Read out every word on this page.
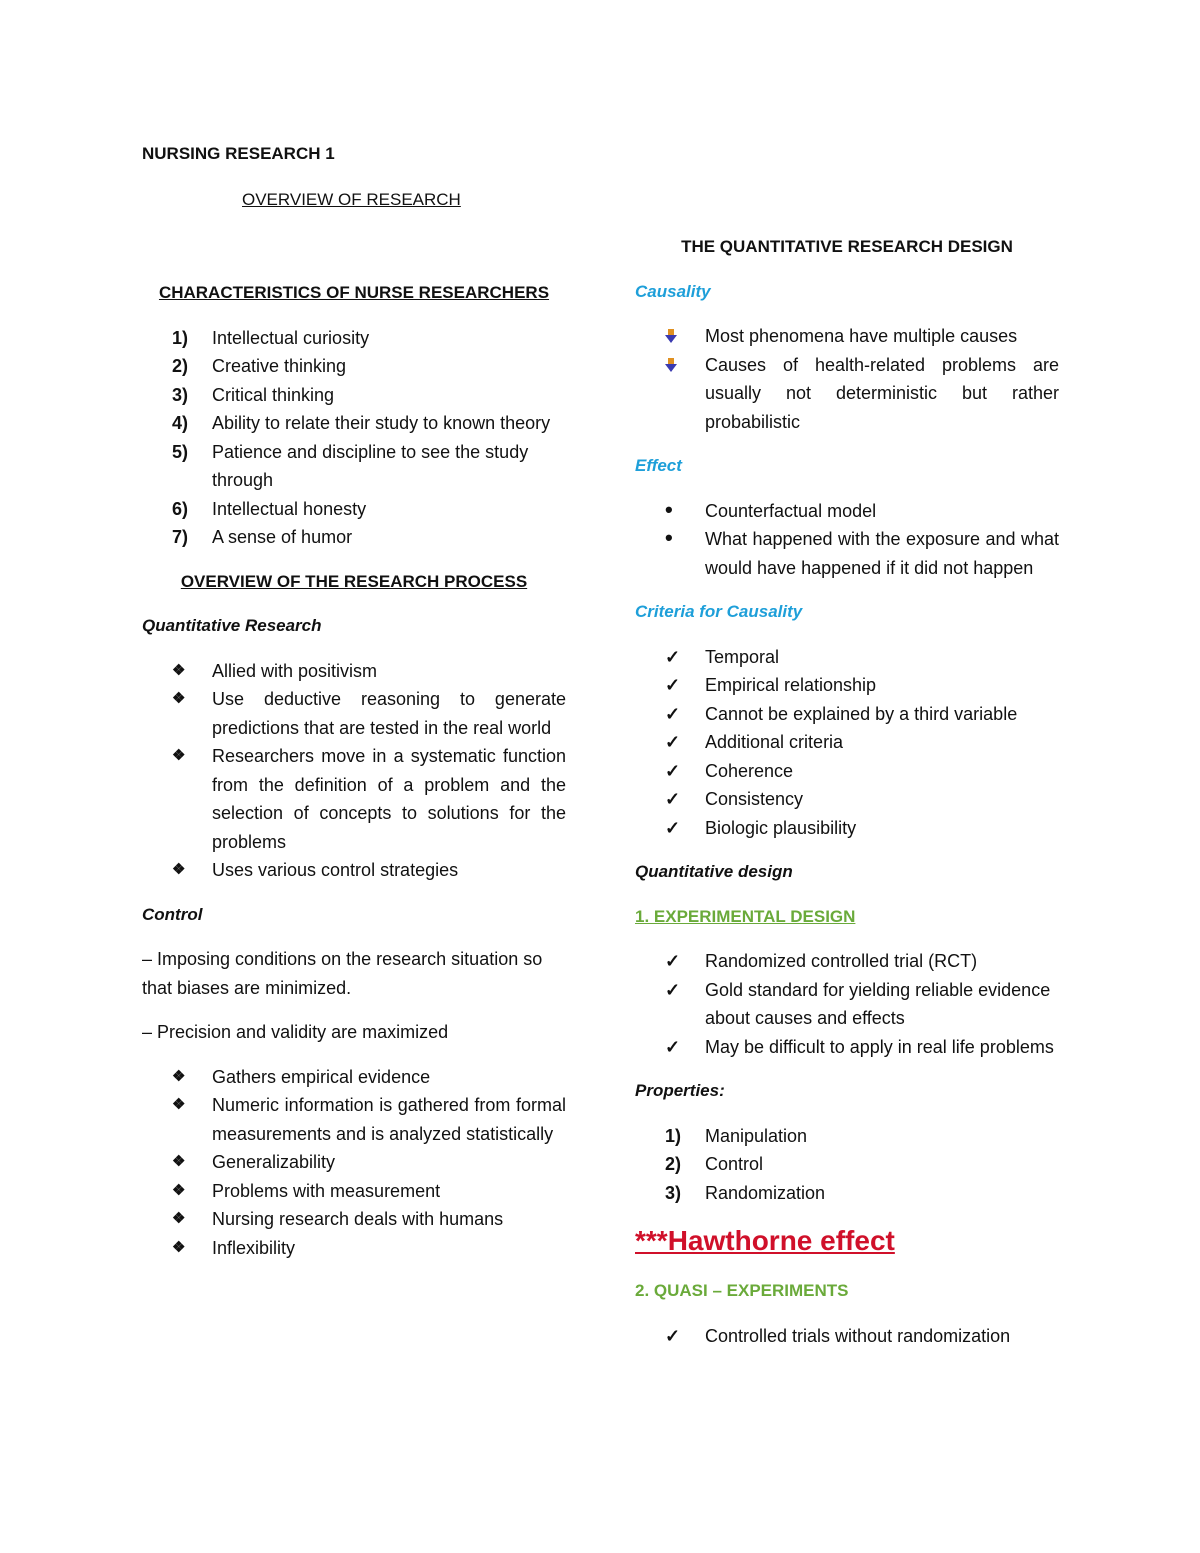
NURSING RESEARCH 1
OVERVIEW OF RESEARCH
CHARACTERISTICS OF NURSE RESEARCHERS
1)	Intellectual curiosity
2)	Creative thinking
3)	Critical thinking
4)	Ability to relate their study to known theory
5)	Patience and discipline to see the study through
6)	Intellectual honesty
7)	A sense of humor
OVERVIEW OF THE RESEARCH PROCESS
Quantitative Research
❖	Allied with positivism
❖	Use deductive reasoning to generate predictions that are tested in the real world
❖	Researchers move in a systematic function from the definition of a problem and the selection of concepts to solutions for the problems
❖	Uses various control strategies
Control

– Imposing conditions on the research situation so that biases are minimized.

– Precision and validity are maximized

❖	Gathers empirical evidence
❖	Numeric information is gathered from formal measurements and is analyzed statistically
❖	Generalizability
❖	Problems with measurement
❖	Nursing research deals with humans
❖	Inflexibility
THE QUANTITATIVE RESEARCH DESIGN
Causality
Most phenomena have multiple causes
Causes of health-related problems are usually not deterministic but rather probabilistic
Effect
•	Counterfactual model
•	What happened with the exposure and what would have happened if it did not happen
Criteria for Causality
✓	Temporal
✓	Empirical relationship
✓	Cannot be explained by a third variable
✓	Additional criteria
✓	Coherence
✓	Consistency
✓	Biologic plausibility
Quantitative design
1. EXPERIMENTAL DESIGN
✓	Randomized controlled trial (RCT)
✓	Gold standard for yielding reliable evidence about causes and effects
✓	May be difficult to apply in real life problems
Properties:
1)	Manipulation
2)	Control
3)	Randomization
***Hawthorne effect
2. QUASI – EXPERIMENTS
✓	Controlled trials without randomization
